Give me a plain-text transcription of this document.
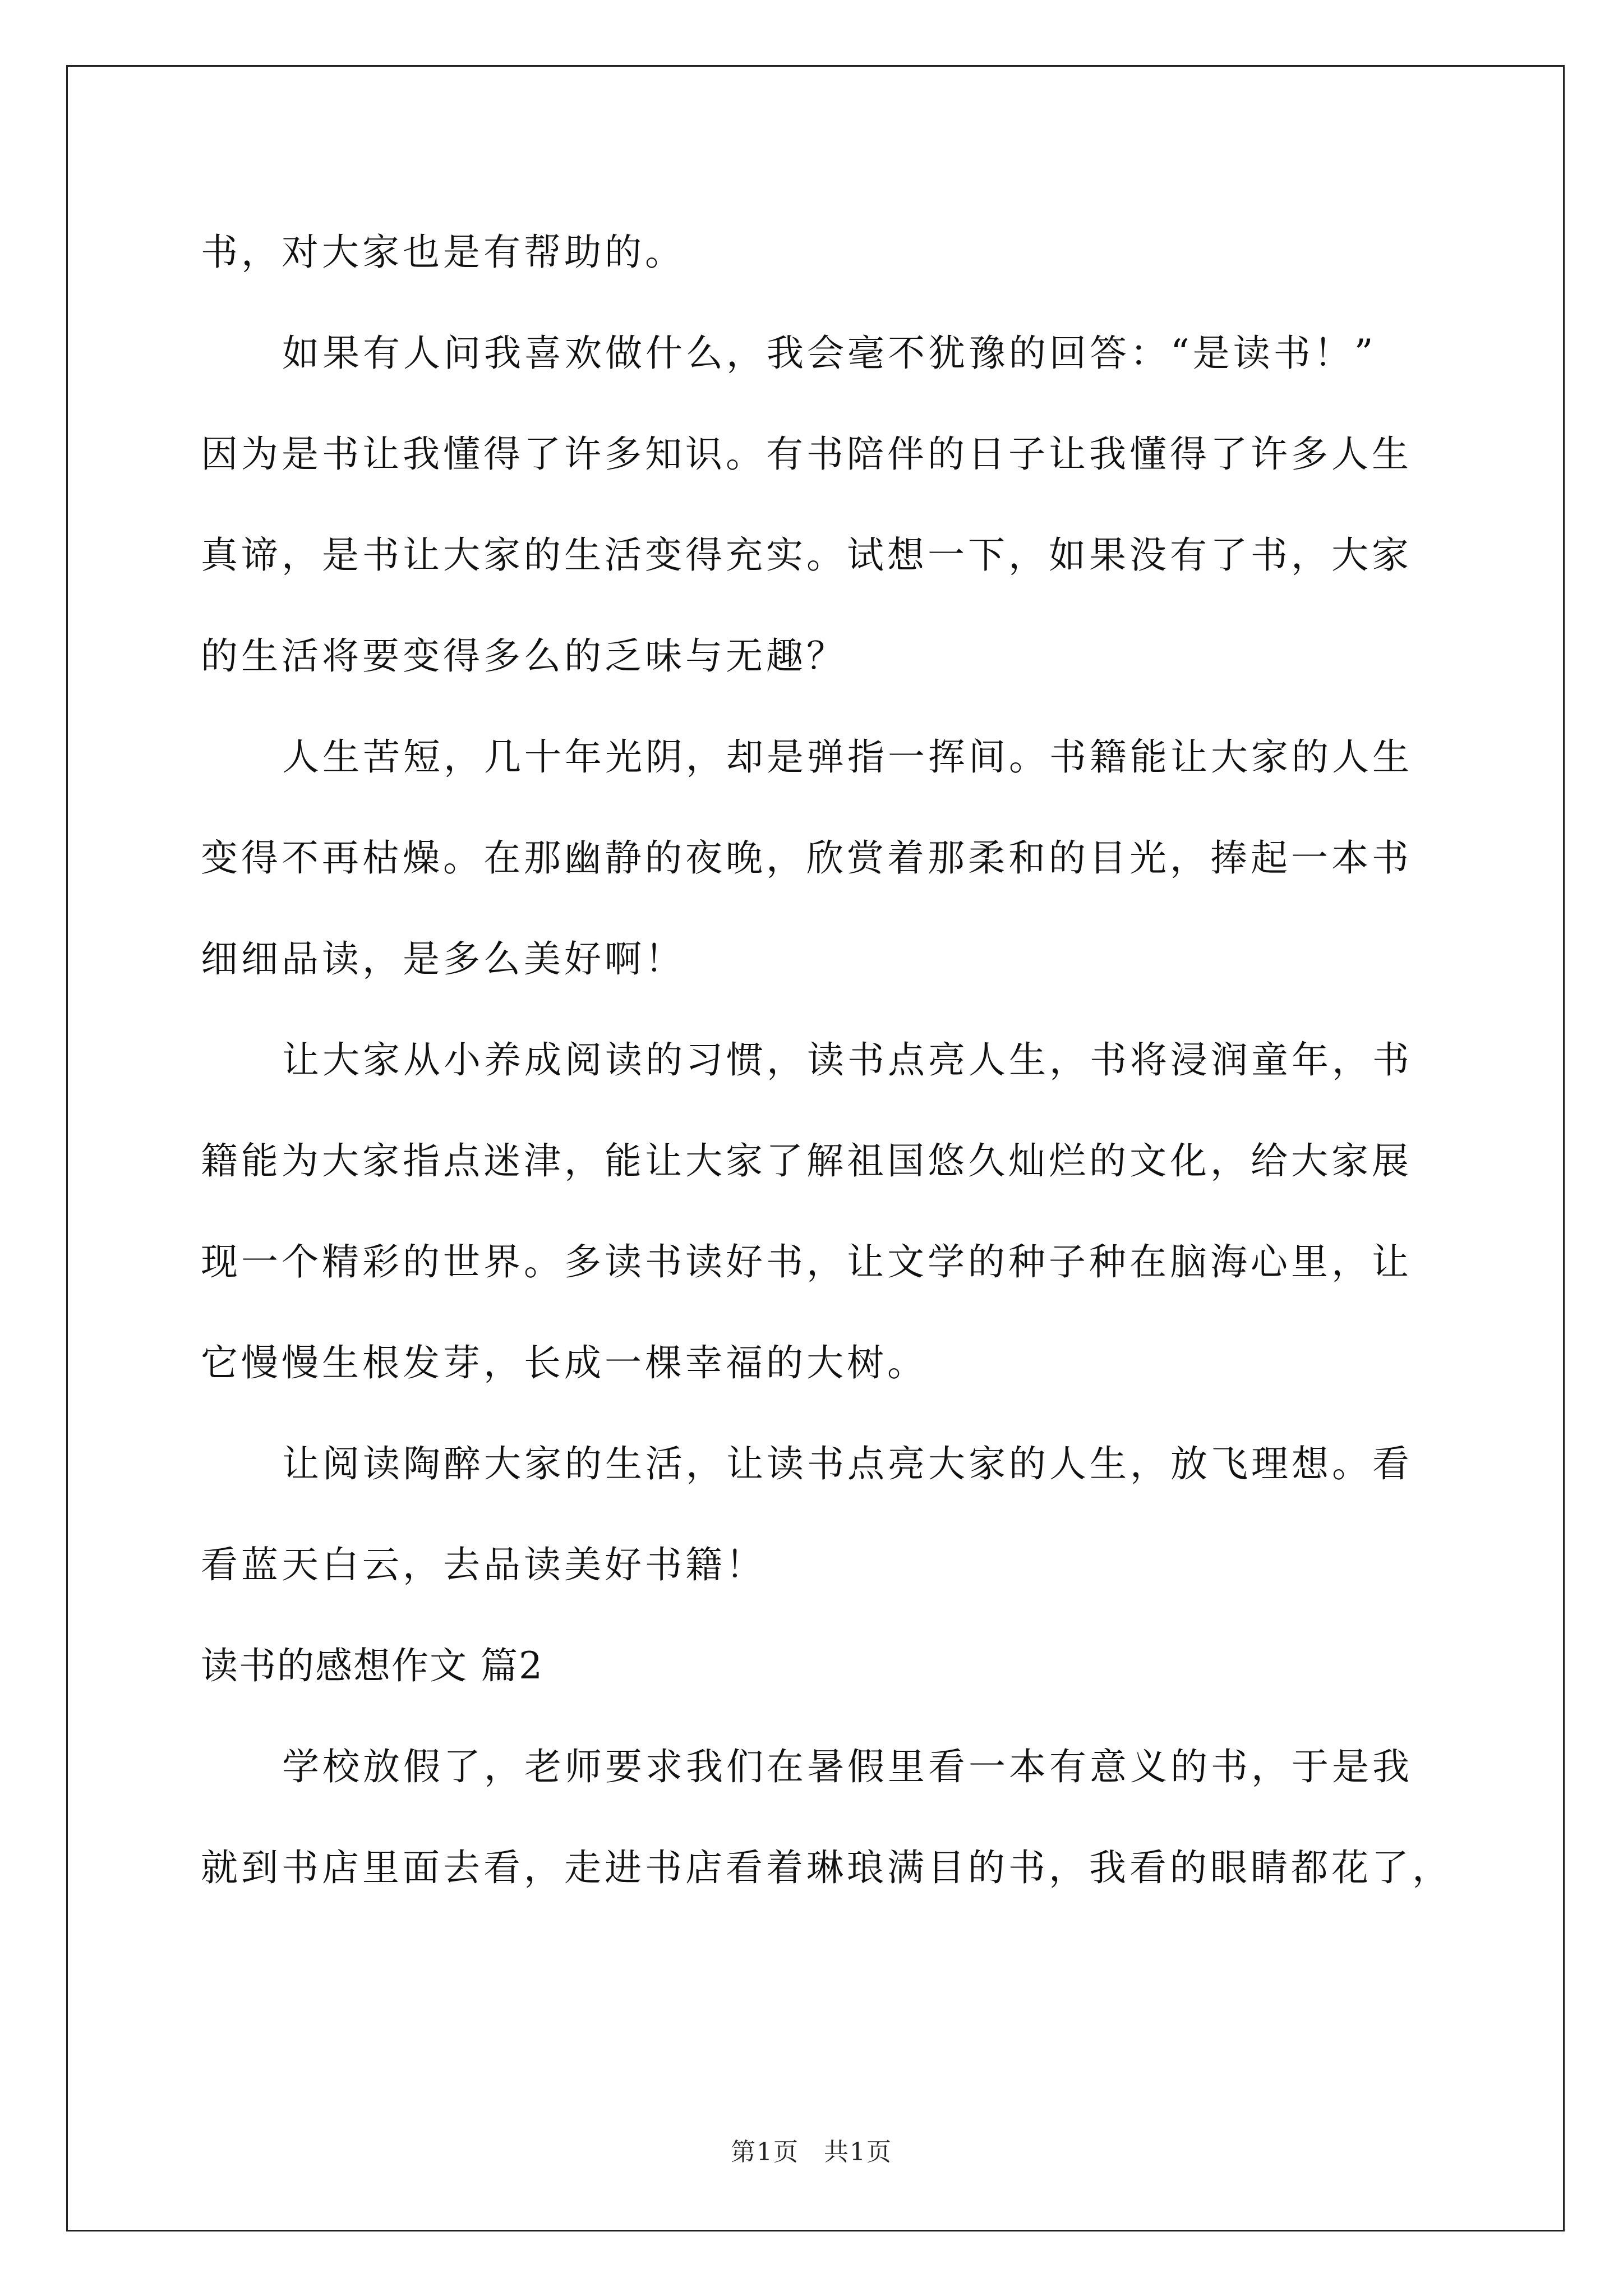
书，对大家也是有帮助的。
如果有人问我喜欢做什么，我会毫不犹豫的回答：“是读书！”
因为是书让我懂得了许多知识。有书陪伴的日子让我懂得了许多人生
真谛，是书让大家的生活变得充实。试想一下，如果没有了书，大家
的生活将要变得多么的乏味与无趣？
人生苦短，几十年光阴，却是弹指一挥间。书籍能让大家的人生
变得不再枯燥。在那幽静的夜晚，欣赏着那柔和的目光，捧起一本书
细细品读，是多么美好啊！
让大家从小养成阅读的习惯，读书点亮人生，书将浸润童年，书
籍能为大家指点迷津，能让大家了解祖国悠久灿烂的文化，给大家展
现一个精彩的世界。多读书读好书，让文学的种子种在脑海心里，让
它慢慢生根发芽，长成一棵幸福的大树。
让阅读陶醉大家的生活，让读书点亮大家的人生，放飞理想。看
看蓝天白云，去品读美好书籍！
读书的感想作文 篇2
学校放假了，老师要求我们在暑假里看一本有意义的书，于是我
就到书店里面去看，走进书店看着琳琅满目的书，我看的眼睛都花了，
第1页 共1页
